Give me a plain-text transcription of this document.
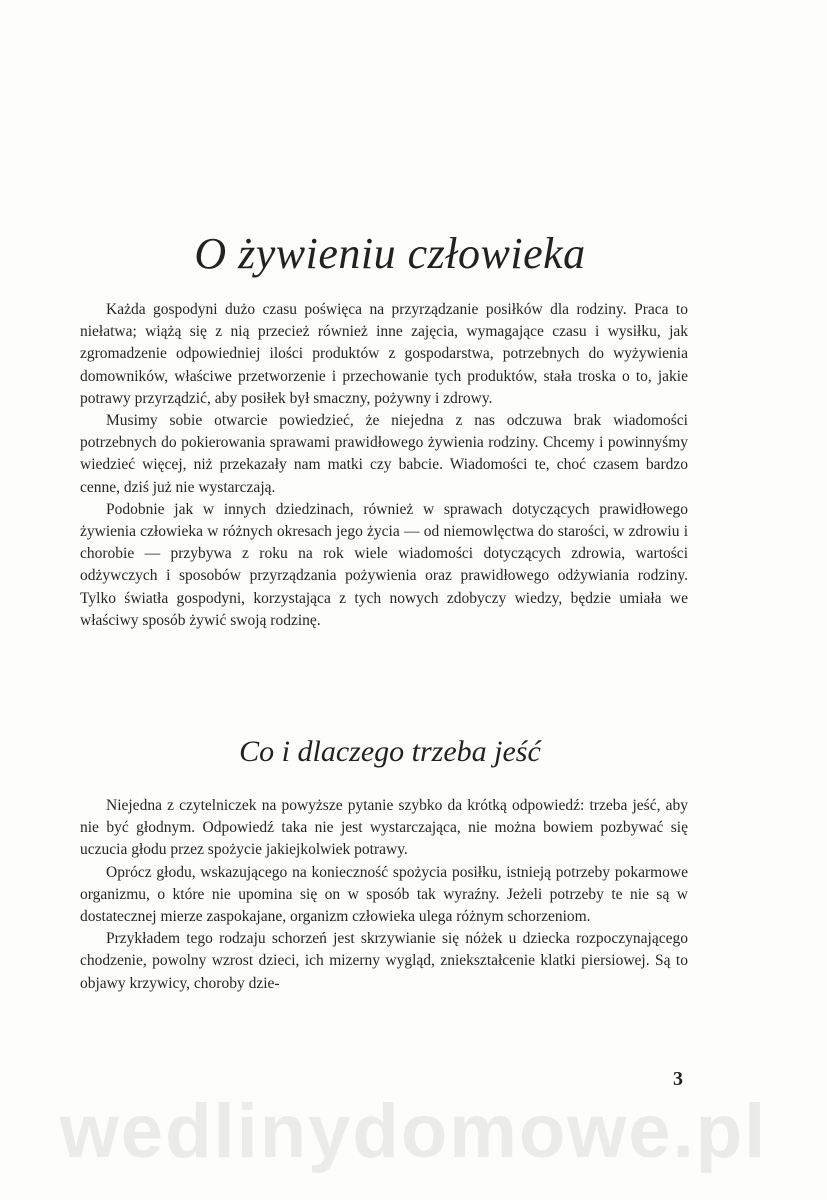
O żywieniu człowieka

Każda gospodyni dużo czasu poświęca na przyrządzanie posiłków dla rodziny. Praca to niełatwa; wiążą się z nią przecież również inne zajęcia, wymagające czasu i wysiłku, jak zgromadzenie odpowiedniej ilości produktów z gospodarstwa, potrzebnych do wyżywienia domowników, właściwe przetworzenie i przechowanie tych produktów, stała troska o to, jakie potrawy przyrządzić, aby posiłek był smaczny, pożywny i zdrowy.

Musimy sobie otwarcie powiedzieć, że niejedna z nas odczuwa brak wiadomości potrzebnych do pokierowania sprawami prawidłowego żywienia rodziny. Chcemy i powinnyśmy wiedzieć więcej, niż przekazały nam matki czy babcie. Wiadomości te, choć czasem bardzo cenne, dziś już nie wystarczają.

Podobnie jak w innych dziedzinach, również w sprawach dotyczących prawidłowego żywienia człowieka w różnych okresach jego życia — od niemowlęctwa do starości, w zdrowiu i chorobie — przybywa z roku na rok wiele wiadomości dotyczących zdrowia, wartości odżywczych i sposobów przyrządzania pożywienia oraz prawidłowego odżywiania rodziny. Tylko światła gospodyni, korzystająca z tych nowych zdobyczy wiedzy, będzie umiała we właściwy sposób żywić swoją rodzinę.

Co i dlaczego trzeba jeść

Niejedna z czytelniczek na powyższe pytanie szybko da krótką odpowiedź: trzeba jeść, aby nie być głodnym. Odpowiedź taka nie jest wystarczająca, nie można bowiem pozbywać się uczucia głodu przez spożycie jakiejkolwiek potrawy.

Oprócz głodu, wskazującego na konieczność spożycia posiłku, istnieją potrzeby pokarmowe organizmu, o które nie upomina się on w sposób tak wyraźny. Jeżeli potrzeby te nie są w dostatecznej mierze zaspokajane, organizm człowieka ulega różnym schorzeniom.

Przykładem tego rodzaju schorzeń jest skrzywianie się nóżek u dziecka rozpoczynającego chodzenie, powolny wzrost dzieci, ich mizerny wygląd, zniekształcenie klatki piersiowej. Są to objawy krzywicy, choroby dzie-

3
wedlinydomowe.pl
